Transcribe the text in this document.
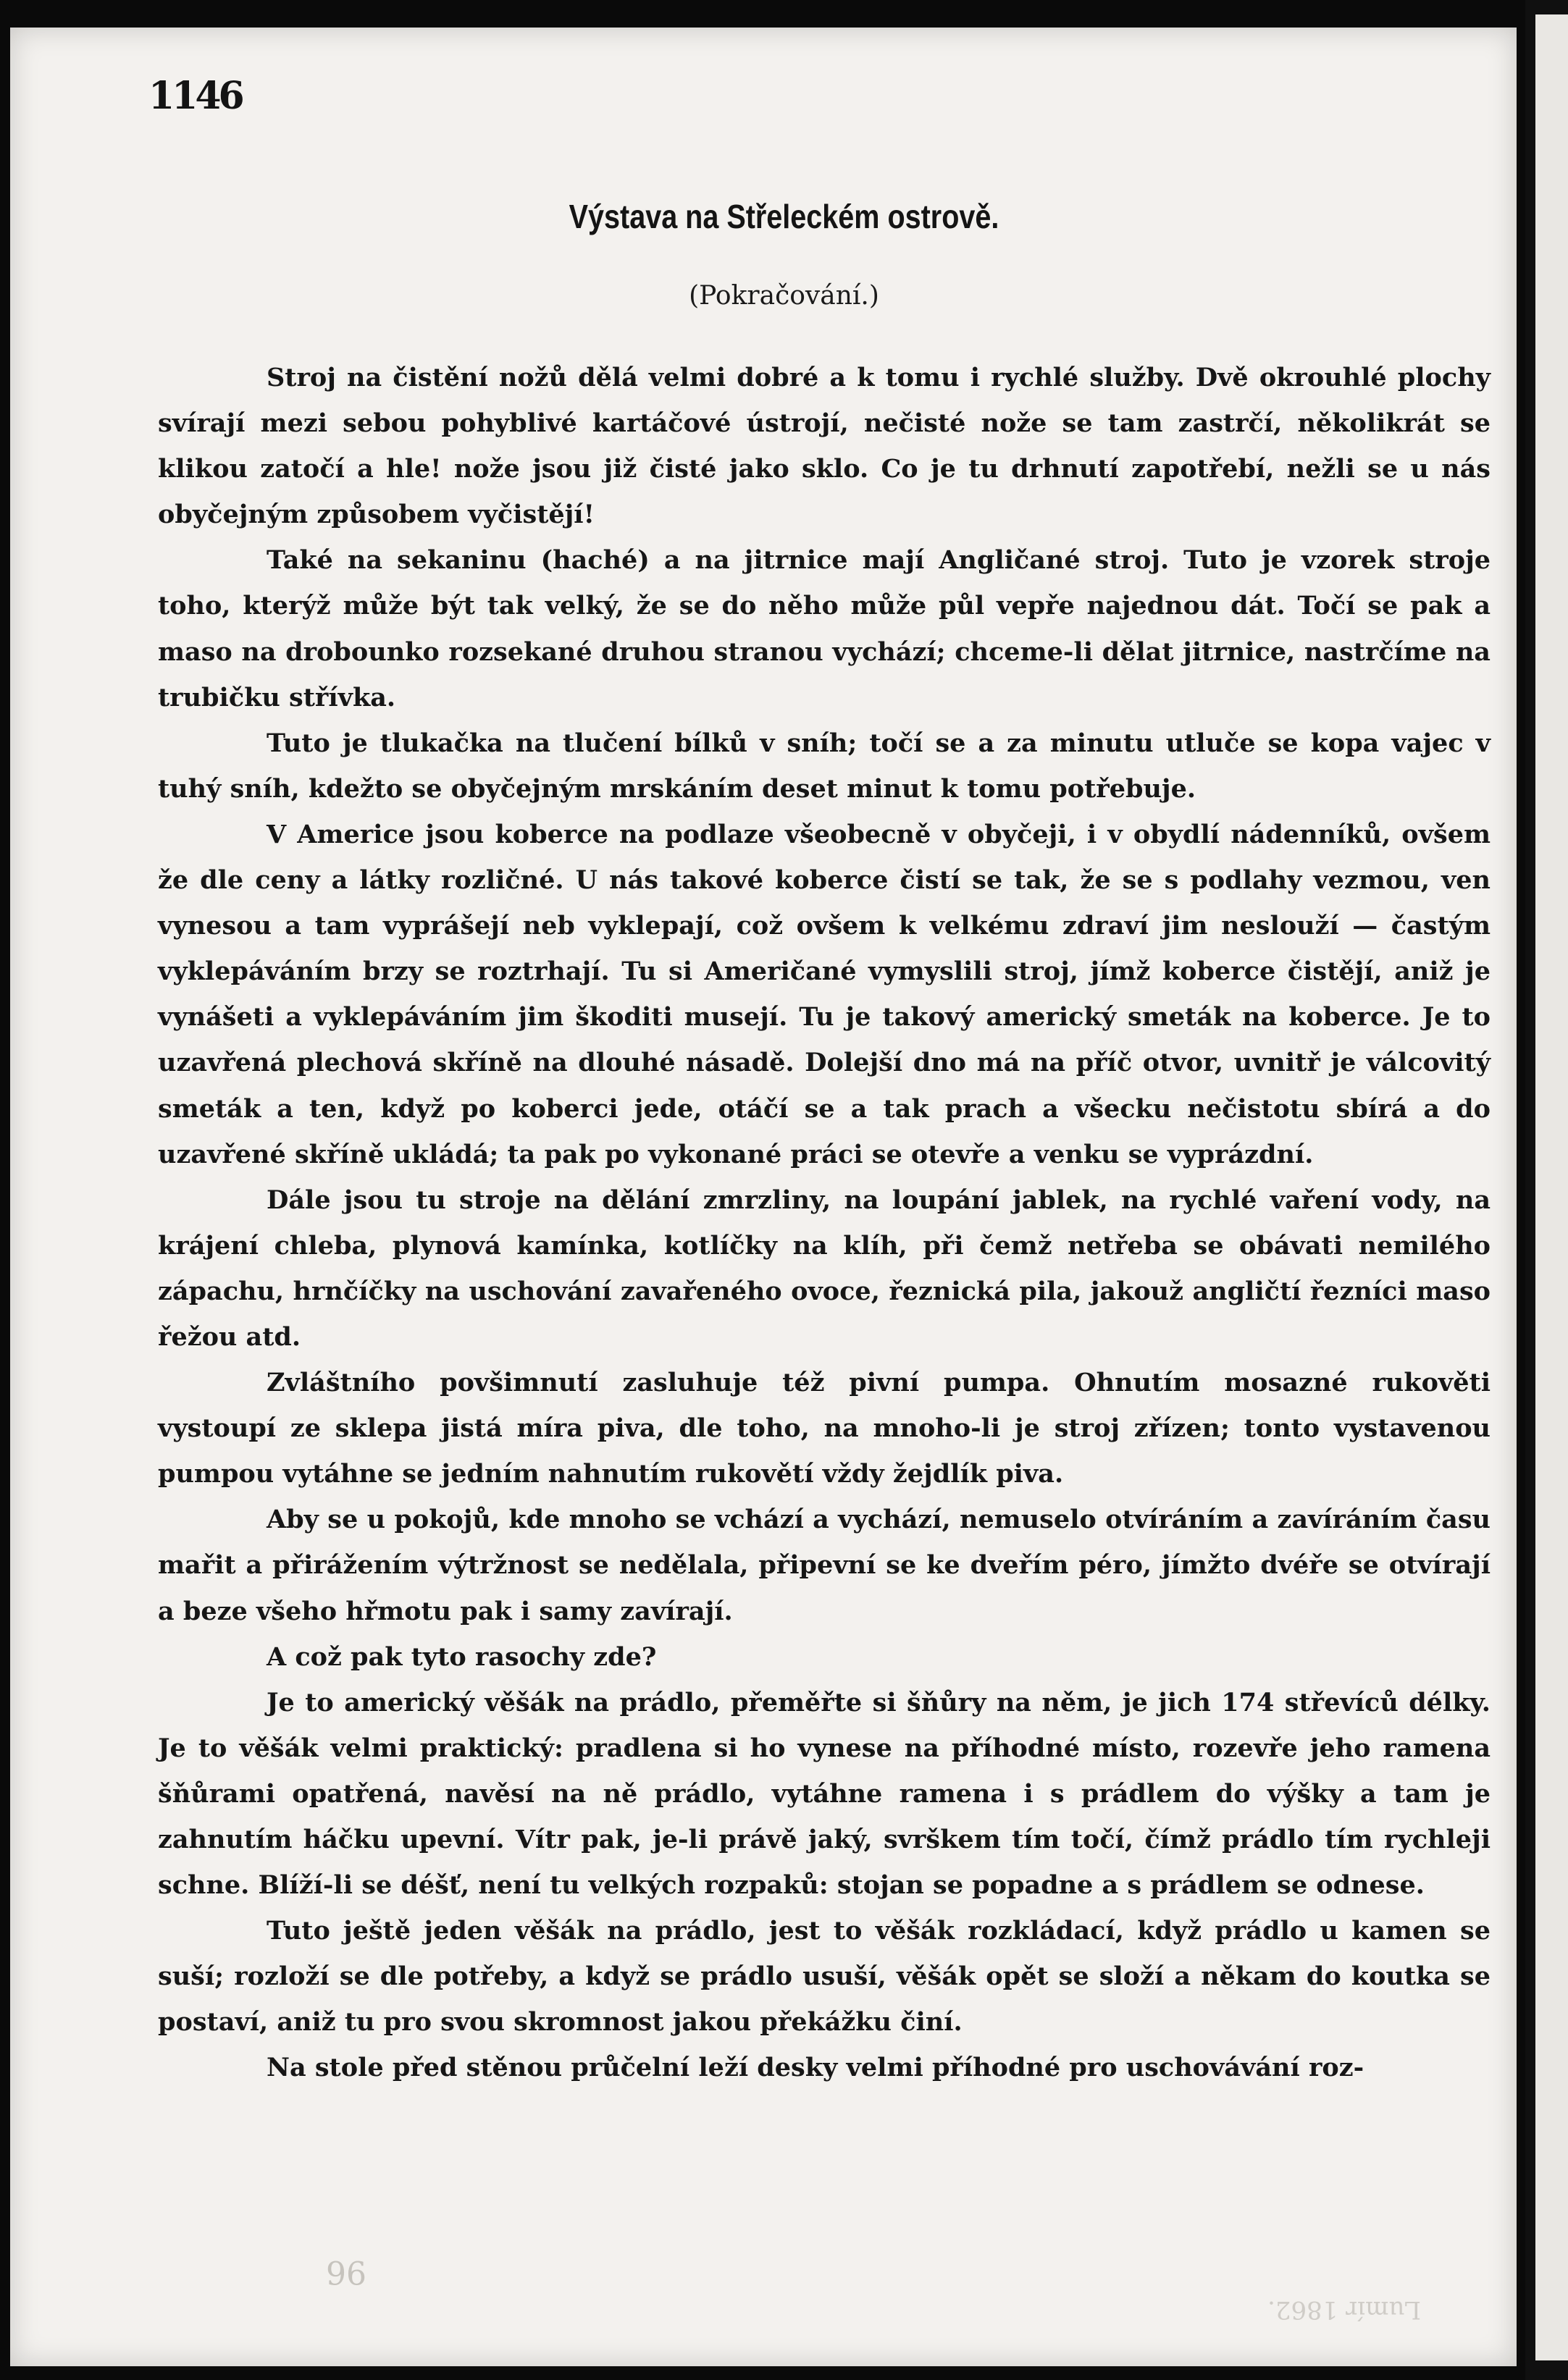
1146
Výstava na Střeleckém ostrově.
(Pokračování.)

Stroj na čistění nožů dělá velmi dobré a k tomu i rychlé služby. Dvě okrouhlé plochy svírají mezi sebou pohyblivé kartáčové ústrojí, nečisté nože se tam zastrčí, několikrát se klikou zatočí a hle! nože jsou již čisté jako sklo. Co je tu drhnutí zapotřebí, nežli se u nás obyčejným způsobem vyčistějí!

Také na sekaninu (haché) a na jitrnice mají Angličané stroj. Tuto je vzorek stroje toho, kterýž může být tak velký, že se do něho může půl vepře najednou dát. Točí se pak a maso na drobounko rozsekané druhou stranou vychází; chceme-li dělat jitrnice, nastrčíme na trubičku střívka.

Tuto je tlukačka na tlučení bílků v sníh; točí se a za minutu utluče se kopa vajec v tuhý sníh, kdežto se obyčejným mrskáním deset minut k tomu potřebuje.

V Americe jsou koberce na podlaze všeobecně v obyčeji, i v obydlí nádenníků, ovšem že dle ceny a látky rozličné. U nás takové koberce čistí se tak, že se s podlahy vezmou, ven vynesou a tam vyprášejí neb vyklepají, což ovšem k velkému zdraví jim neslouží — častým vyklepáváním brzy se roztrhají. Tu si Američané vymyslili stroj, jímž koberce čistějí, aniž je vynášeti a vyklepáváním jim škoditi musejí. Tu je takový americký smeták na koberce. Je to uzavřená plechová skříně na dlouhé násadě. Dolejší dno má na příč otvor, uvnitř je válcovitý smeták a ten, když po koberci jede, otáčí se a tak prach a všecku nečistotu sbírá a do uzavřené skříně ukládá; ta pak po vykonané práci se otevře a venku se vyprázdní.

Dále jsou tu stroje na dělání zmrzliny, na loupání jablek, na rychlé vaření vody, na krájení chleba, plynová kamínka, kotlíčky na klíh, při čemž netřeba se obávati nemilého zápachu, hrnčíčky na uschování zavařeného ovoce, řeznická pila, jakouž angličtí řezníci maso řežou atd.

Zvláštního povšimnutí zasluhuje též pivní pumpa. Ohnutím mosazné rukověti vystoupí ze sklepa jistá míra piva, dle toho, na mnoho-li je stroj zřízen; tonto vystavenou pumpou vytáhne se jedním nahnutím rukovětí vždy žejdlík piva.

Aby se u pokojů, kde mnoho se vchází a vychází, nemuselo otvíráním a zavíráním času mařit a přirážením výtržnost se nedělala, připevní se ke dveřím péro, jímžto dvéře se otvírají a beze všeho hřmotu pak i samy zavírají.

A což pak tyto rasochy zde?

Je to americký věšák na prádlo, přeměřte si šňůry na něm, je jich 174 střevíců délky. Je to věšák velmi praktický: pradlena si ho vynese na příhodné místo, rozevře jeho ramena šňůrami opatřená, navěsí na ně prádlo, vytáhne ramena i s prádlem do výšky a tam je zahnutím háčku upevní. Vítr pak, je-li právě jaký, svrškem tím točí, čímž prádlo tím rychleji schne. Blíží-li se déšť, není tu velkých rozpaků: stojan se popadne a s prádlem se odnese.

Tuto ještě jeden věšák na prádlo, jest to věšák rozkládací, když prádlo u kamen se suší; rozloží se dle potřeby, a když se prádlo usuší, věšák opět se složí a někam do koutka se postaví, aniž tu pro svou skromnost jakou překážku činí.

Na stole před stěnou průčelní leží desky velmi příhodné pro uschovávání roz-

96
Lumír 1862.
